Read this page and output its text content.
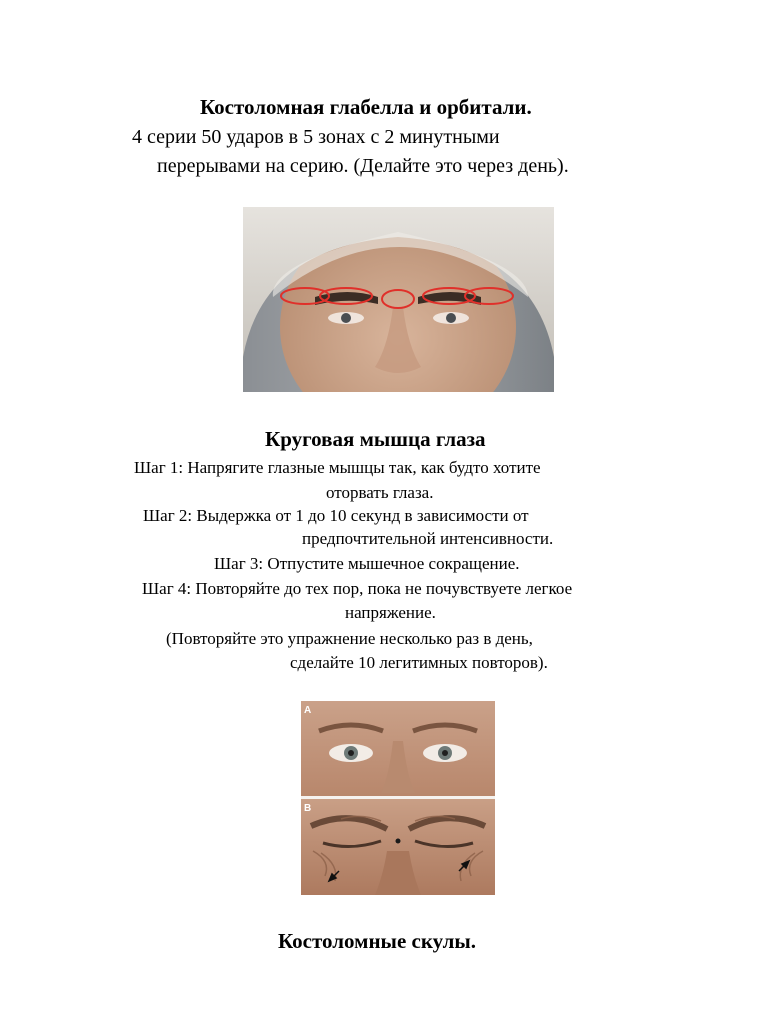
Костоломная глабелла и орбитали.
4 серии 50 ударов в 5 зонах с 2 минутными
перерывами на серию. (Делайте это через день).
Круговая мышца глаза
Шаг 1: Напрягите глазные мышцы так, как будто хотите
оторвать глаза.
Шаг 2: Выдержка от 1 до 10 секунд в зависимости от
предпочтительной интенсивности.
Шаг 3: Отпустите мышечное сокращение.
Шаг 4: Повторяйте до тех пор, пока не почувствуете легкое
напряжение.
(Повторяйте это упражнение несколько раз в день,
сделайте 10 легитимных повторов).
A
B
Костоломные скулы.
